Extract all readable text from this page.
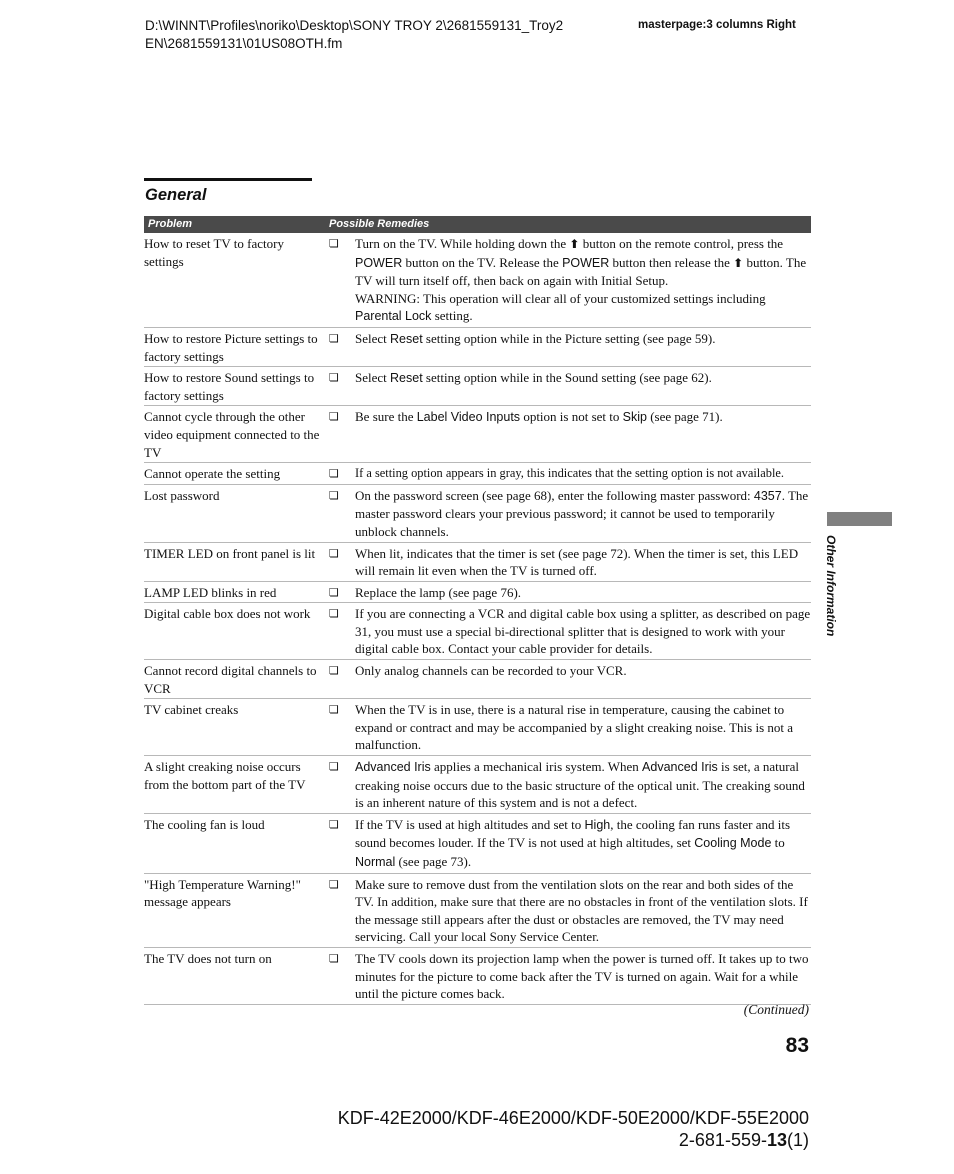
D:\WINNT\Profiles\noriko\Desktop\SONY TROY 2\2681559131_Troy2
EN\2681559131\01US08OTH.fm
masterpage:3 columns Right
General
Problem	Possible Remedies
How to reset TV to factory settings
❏	Turn on the TV. While holding down the ⬆ button on the remote control, press the POWER button on the TV. Release the POWER button then release the ⬆ button. The TV will turn itself off, then back on again with Initial Setup.
WARNING: This operation will clear all of your customized settings including Parental Lock setting.
How to restore Picture settings to factory settings
❏	Select Reset setting option while in the Picture setting (see page 59).
How to restore Sound settings to factory settings
❏	Select Reset setting option while in the Sound setting (see page 62).
Cannot cycle through the other video equipment connected to the TV
❏	Be sure the Label Video Inputs option is not set to Skip (see page 71).
Cannot operate the setting	❏	If a setting option appears in gray, this indicates that the setting option is not available.
Lost password	❏	On the password screen (see page 68), enter the following master password: 4357. The master password clears your previous password; it cannot be used to temporarily unblock channels.
TIMER LED on front panel is lit	❏	When lit, indicates that the timer is set (see page 72). When the timer is set, this LED will remain lit even when the TV is turned off.
LAMP LED blinks in red	❏	Replace the lamp (see page 76).
Digital cable box does not work	❏	If you are connecting a VCR and digital cable box using a splitter, as described on page 31, you must use a special bi-directional splitter that is designed to work with your digital cable box. Contact your cable provider for details.
Cannot record digital channels to VCR
❏	Only analog channels can be recorded to your VCR.
TV cabinet creaks	❏	When the TV is in use, there is a natural rise in temperature, causing the cabinet to expand or contract and may be accompanied by a slight creaking noise. This is not a malfunction.
A slight creaking noise occurs from the bottom part of the TV
❏	Advanced Iris applies a mechanical iris system. When Advanced Iris is set, a natural creaking noise occurs due to the basic structure of the optical unit. The creaking sound is an inherent nature of this system and is not a defect.
The cooling fan is loud	❏	If the TV is used at high altitudes and set to High, the cooling fan runs faster and its sound becomes louder. If the TV is not used at high altitudes, set Cooling Mode to Normal (see page 73).
"High Temperature Warning!" message appears
❏	Make sure to remove dust from the ventilation slots on the rear and both sides of the TV. In addition, make sure that there are no obstacles in front of the ventilation slots. If the message still appears after the dust or obstacles are removed, the TV may need servicing. Call your local Sony Service Center.
The TV does not turn on	❏	The TV cools down its projection lamp when the power is turned off. It takes up to two minutes for the picture to come back after the TV is turned on again. Wait for a while until the picture comes back.
Other Information
(Continued)
83
KDF-42E2000/KDF-46E2000/KDF-50E2000/KDF-55E2000
2-681-559-13(1)
